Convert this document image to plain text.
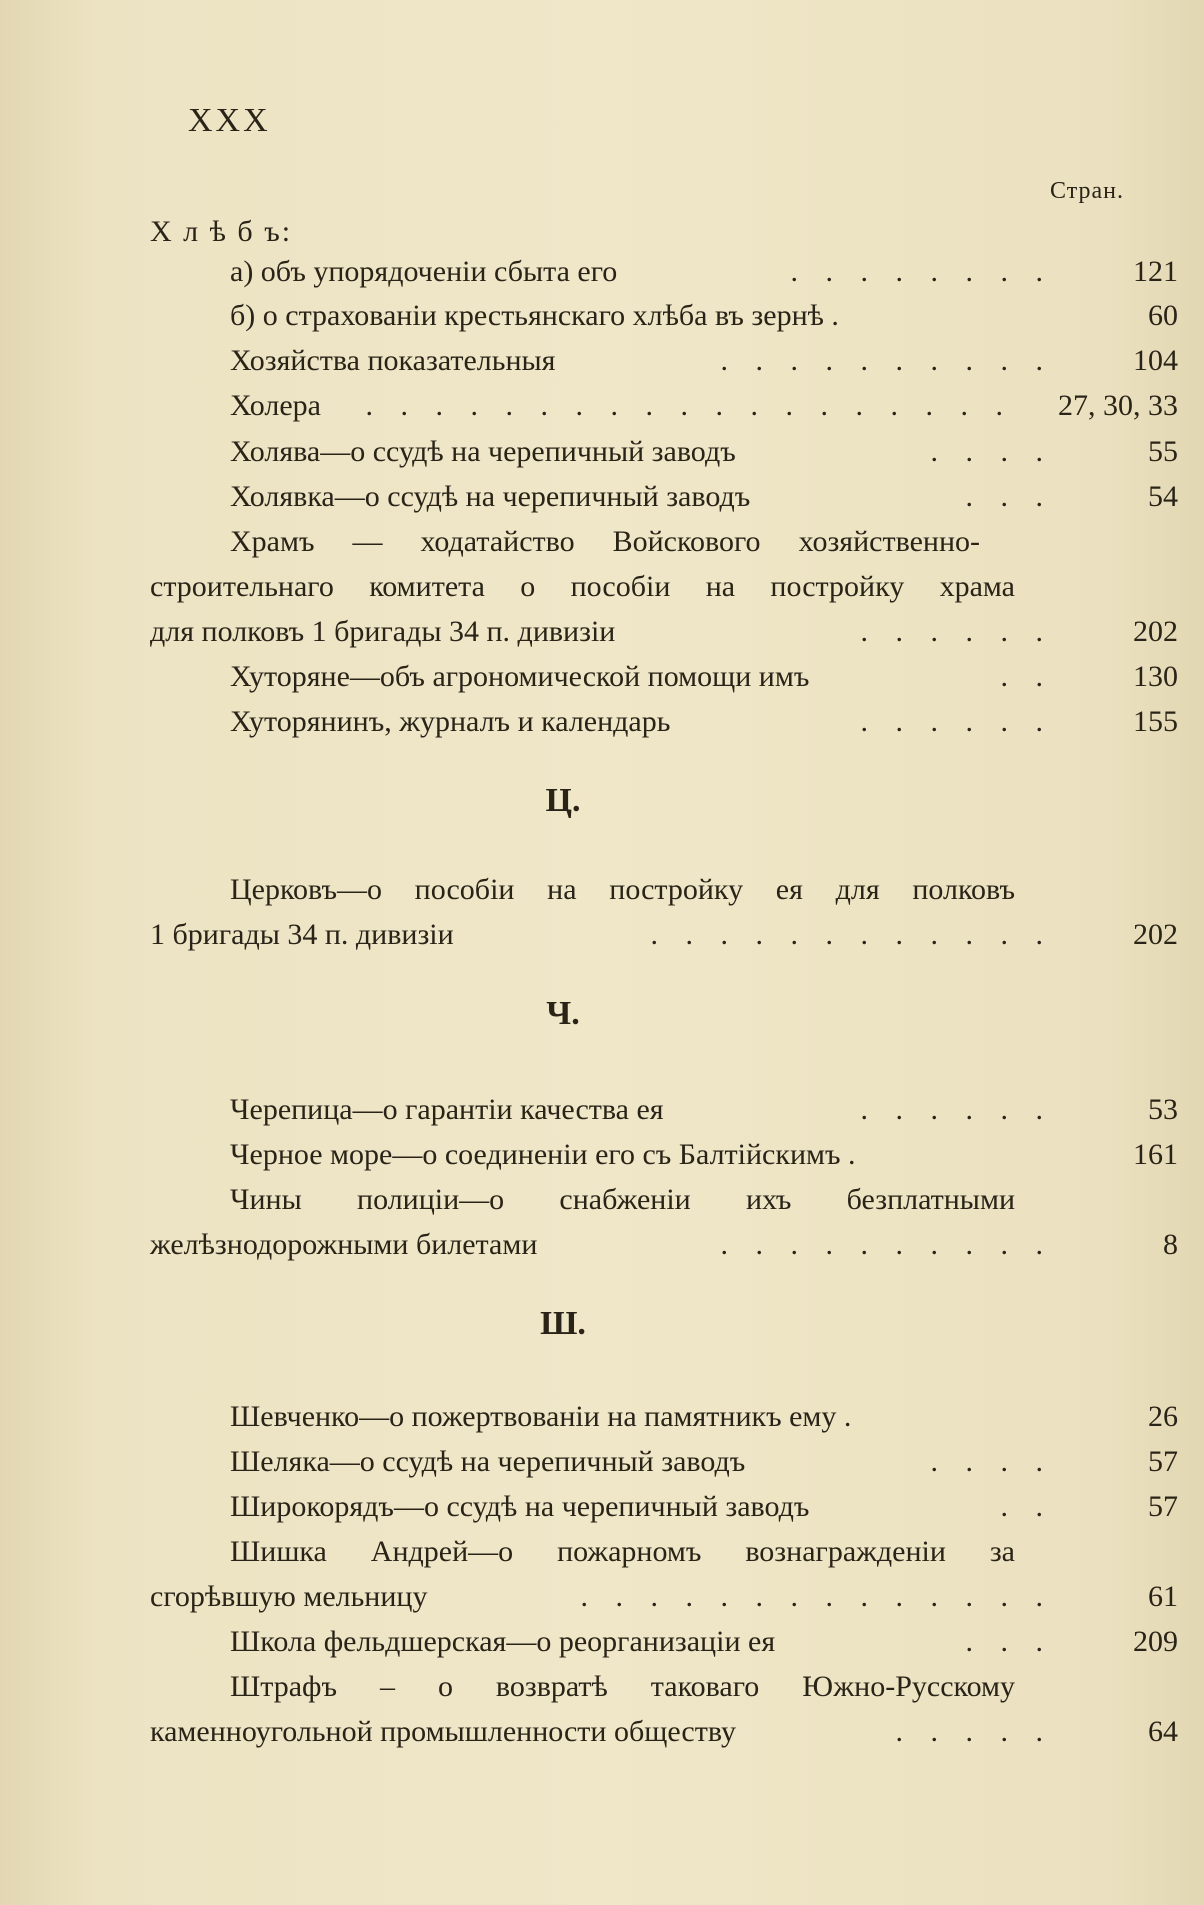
XXX
Стран.
Х л ѣ б ъ:
а) объ упорядоченіи сбыта его	. . . . . . . .	121
б) о страхованіи крестьянскаго хлѣба въ зернѣ .	60
Хозяйства показательныя	. . . . . . . . . .	104
Холера	. . . . . . . . . . . . . . . . . . . 27, 30, 33
Холява—о ссудѣ на черепичный заводъ	. . . .	55
Холявка—о ссудѣ на черепичный заводъ	. . .	54
Храмъ — ходатайство Войскового хозяйственно-
строительнаго комитета о пособіи на постройку храма
для полковъ 1 бригады 34 п. дивизіи	. . . . . .	202
Хуторяне—объ агрономической помощи имъ	. .	130
Хуторянинъ, журналъ и календарь	. . . . . .	155
Ц.
Церковъ—о пособіи на постройку ея для полковъ
1 бригады 34 п. дивизіи	. . . . . . . . . . . .	202
Ч.
Черепица—о гарантіи качества ея	. . . . . .	53
Черное море—о соединеніи его съ Балтійскимъ .	161
Чины полиціи—о снабженіи ихъ безплатными
желѣзнодорожными билетами	. . . . . . . . . .	8
Ш.
Шевченко—о пожертвованіи на памятникъ ему .	26
Шеляка—о ссудѣ на черепичный заводъ	. . . .	57
Широкорядъ—о ссудѣ на черепичный заводъ	. .	57
Шишка Андрей—о пожарномъ вознагражденіи за
сгорѣвшую мельницу	. . . . . . . . . . . . . .	61
Школа фельдшерская—о реорганизаціи ея	. . .	209
Штрафъ – о возвратѣ таковаго Южно-Русскому
каменноугольной промышленности обществу	. . . . .	64
